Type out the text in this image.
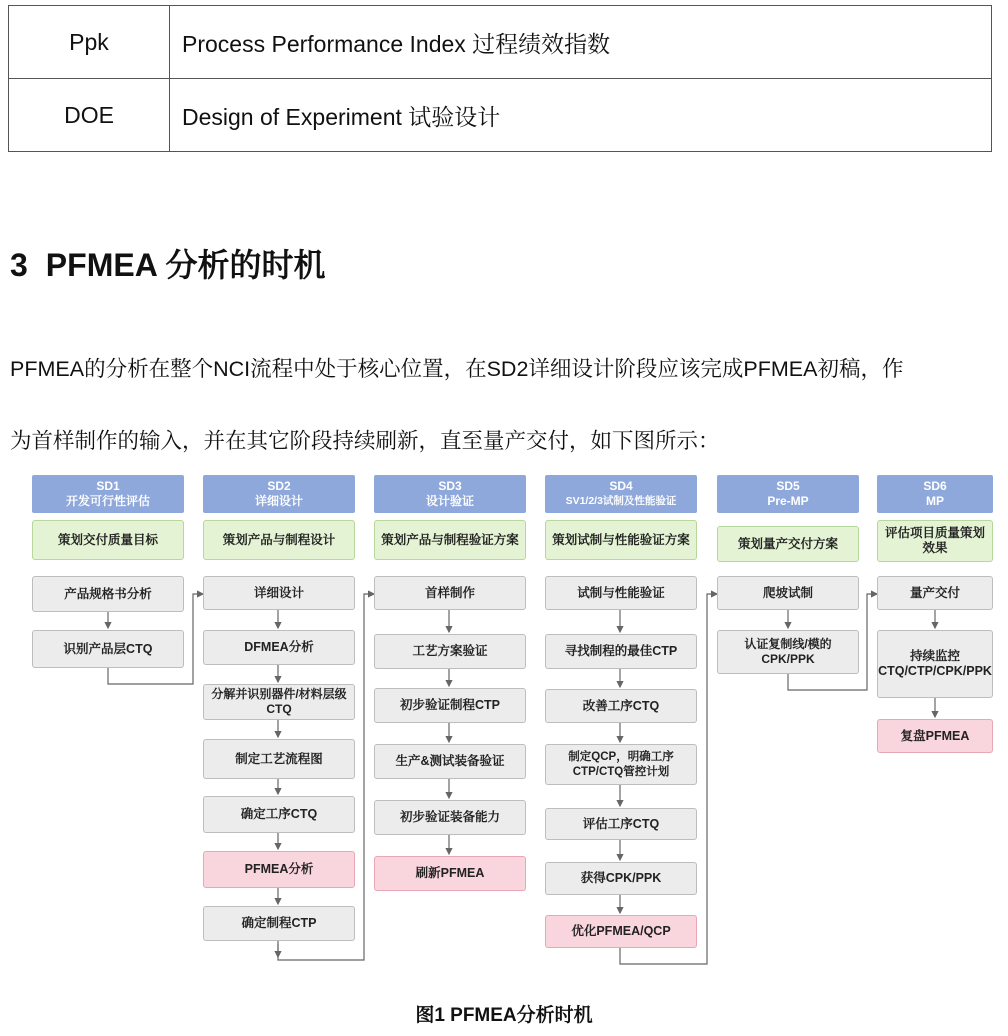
Ppk	Process Performance Index 过程绩效指数
DOE	Design of Experiment 试验设计
3 PFMEA 分析的时机

PFMEA的分析在整个NCI流程中处于核心位置，在SD2详细设计阶段应该完成PFMEA初稿，作

为首样制作的输入，并在其它阶段持续刷新，直至量产交付，如下图所示：

SD1
开发可行性评估
SD2
详细设计
SD3
设计验证
SD4
SV1/2/3试制及性能验证
SD5
Pre-MP
SD6
MP
策划交付质量目标
产品规格书分析
识别产品层CTQ
策划产品与制程设计
详细设计
DFMEA分析
分解并识别器件/材料层级CTQ
制定工艺流程图
确定工序CTQ
PFMEA分析
确定制程CTP
策划产品与制程验证方案
首样制作
工艺方案验证
初步验证制程CTP
生产&测试装备验证
初步验证装备能力
刷新PFMEA
策划试制与性能验证方案
试制与性能验证
寻找制程的最佳CTP
改善工序CTQ
制定QCP，明确工序CTP/CTQ管控计划
评估工序CTQ
获得CPK/PPK
优化PFMEA/QCP
策划量产交付方案
爬坡试制
认证复制线/模的CPK/PPK
评估项目质量策划效果
量产交付
持续监控CTQ/CTP/CPK/PPK
复盘PFMEA

图1 PFMEA分析时机
